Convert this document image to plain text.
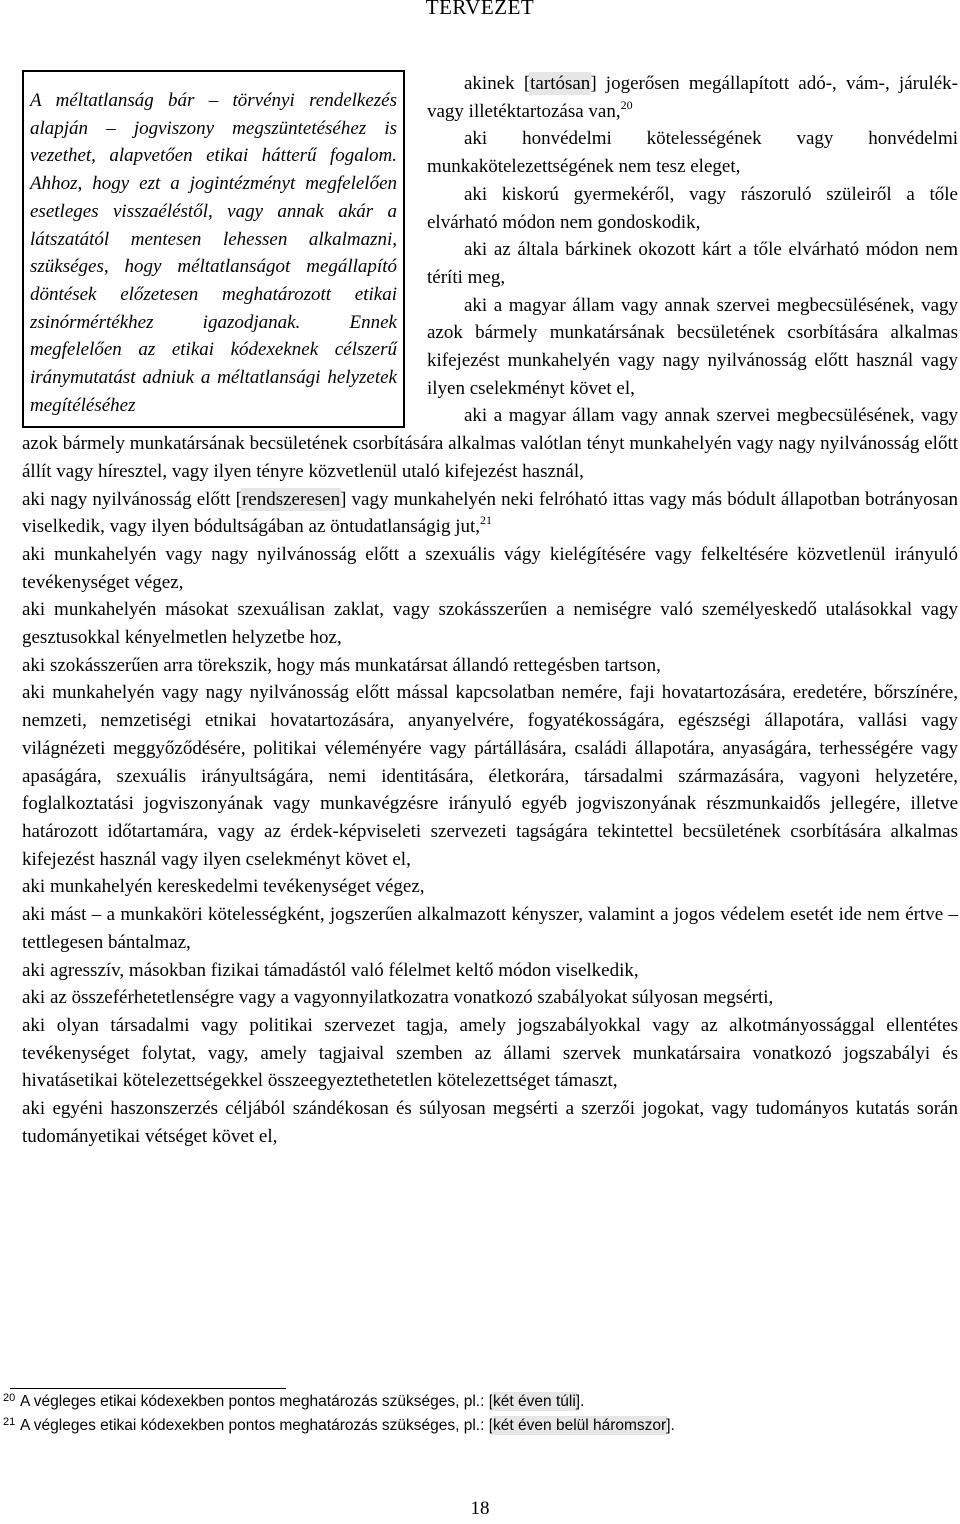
TERVEZET

A méltatlanság bár – törvényi rendelkezés alapján – jogviszony megszüntetéséhez is vezethet, alapvetően etikai hátterű fogalom. Ahhoz, hogy ezt a jogintézményt megfelelően esetleges visszaéléstől, vagy annak akár a látszatától mentesen lehessen alkalmazni, szükséges, hogy méltatlanságot megállapító döntések előzetesen meghatározott etikai zsinórmértékhez igazodjanak. Ennek megfelelően az etikai kódexeknek célszerű iránymutatást adniuk a méltatlansági helyzetek megítéléséhez

akinek [tartósan] jogerősen megállapított adó-, vám-, járulék- vagy illetéktartozása van,$^{20}$
aki honvédelmi kötelességének vagy honvédelmi munkakötelezettségének nem tesz eleget,
aki kiskorú gyermekéről, vagy rászoruló szüleiről a tőle elvárható módon nem gondoskodik,
aki az általa bárkinek okozott kárt a tőle elvárható módon nem téríti meg,
aki a magyar állam vagy annak szervei megbecsülésének, vagy azok bármely munkatársának becsületének csorbítására alkalmas kifejezést munkahelyén vagy nagy nyilvánosság előtt használ vagy ilyen cselekményt követ el,
aki a magyar állam vagy annak szervei megbecsülésének, vagy azok bármely munkatársának becsületének csorbítására alkalmas valótlan tényt munkahelyén vagy nagy nyilvánosság előtt állít vagy híresztel, vagy ilyen tényre közvetlenül utaló kifejezést használ,
aki nagy nyilvánosság előtt [rendszeresen] vagy munkahelyén neki felróható ittas vagy más bódult állapotban botrányosan viselkedik, vagy ilyen bódultságában az öntudatlanságig jut,$^{21}$
aki munkahelyén vagy nagy nyilvánosság előtt a szexuális vágy kielégítésére vagy felkeltésére közvetlenül irányuló tevékenységet végez,
aki munkahelyén másokat szexuálisan zaklat, vagy szokásszerűen a nemiségre való személyeskedő utalásokkal vagy gesztusokkal kényelmetlen helyzetbe hoz,
aki szokásszerűen arra törekszik, hogy más munkatársat állandó rettegésben tartson,
aki munkahelyén vagy nagy nyilvánosság előtt mással kapcsolatban nemére, faji hovatartozására, eredetére, bőrszínére, nemzeti, nemzetiségi etnikai hovatartozására, anyanyelvére, fogyatékosságára, egészségi állapotára, vallási vagy világnézeti meggyőződésére, politikai véleményére vagy pártállására, családi állapotára, anyaságára, terhességére vagy apaságára, szexuális irányultságára, nemi identitására, életkorára, társadalmi származására, vagyoni helyzetére, foglalkoztatási jogviszonyának vagy munkavégzésre irányuló egyéb jogviszonyának részmunkaidős jellegére, illetve határozott időtartamára, vagy az érdek-képviseleti szervezeti tagságára tekintettel becsületének csorbítására alkalmas kifejezést használ vagy ilyen cselekményt követ el,
aki munkahelyén kereskedelmi tevékenységet végez,
aki mást – a munkaköri kötelességként, jogszerűen alkalmazott kényszer, valamint a jogos védelem esetét ide nem értve – tettlegesen bántalmaz,
aki agresszív, másokban fizikai támadástól való félelmet keltő módon viselkedik,
aki az összeférhetetlenségre vagy a vagyonnyilatkozatra vonatkozó szabályokat súlyosan megsérti,
aki olyan társadalmi vagy politikai szervezet tagja, amely jogszabályokkal vagy az alkotmányossággal ellentétes tevékenységet folytat, vagy, amely tagjaival szemben az állami szervek munkatársaira vonatkozó jogszabályi és hivatásetikai kötelezettségekkel összeegyeztethetetlen kötelezettséget támaszt,
aki egyéni haszonszerzés céljából szándékosan és súlyosan megsérti a szerzői jogokat, vagy tudományos kutatás során tudományetikai vétséget követ el,
20 A végleges etikai kódexekben pontos meghatározás szükséges, pl.: [két éven túli].
21 A végleges etikai kódexekben pontos meghatározás szükséges, pl.: [két éven belül háromszor].
18
